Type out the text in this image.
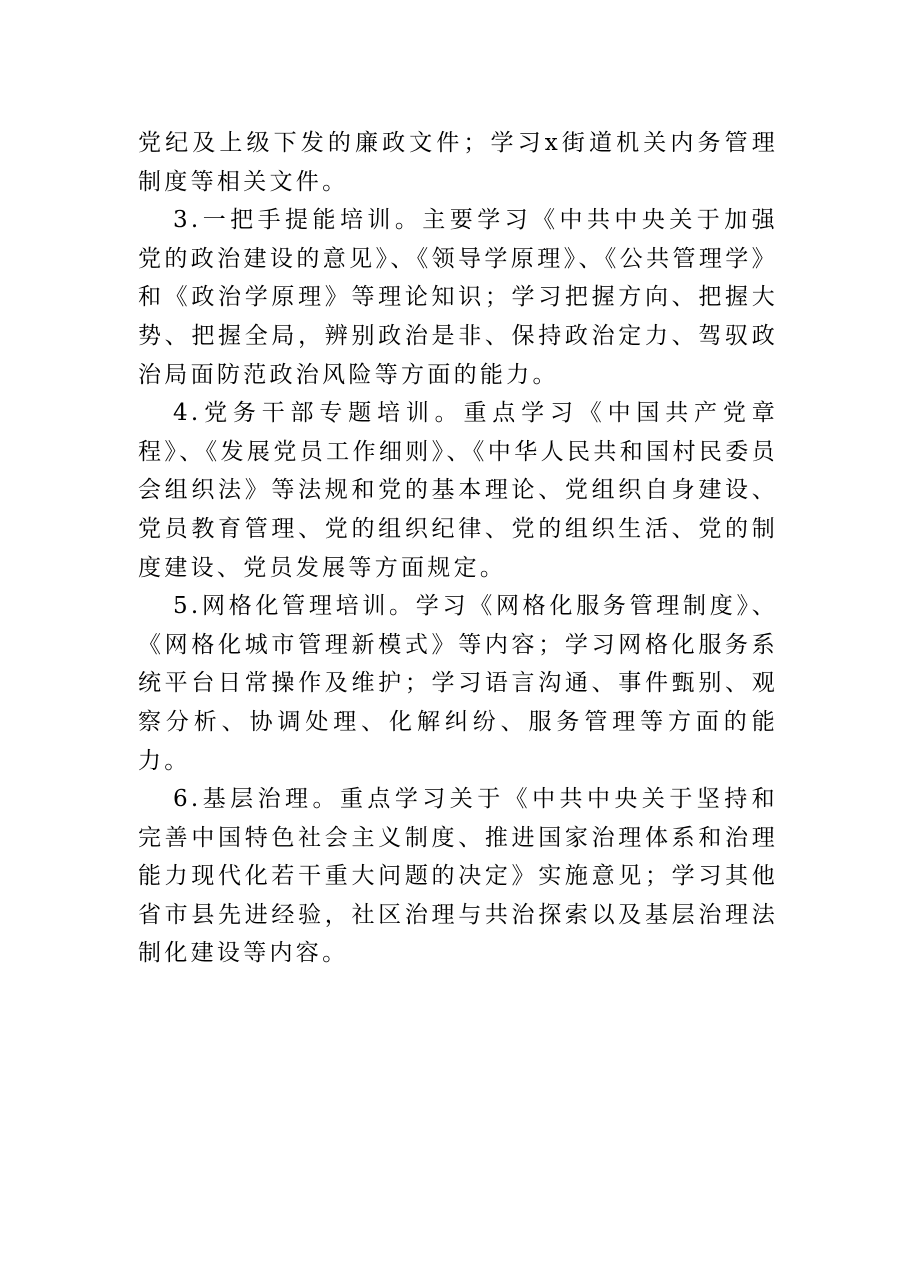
党纪及上级下发的廉政文件；学习x街道机关内务管理制度等相关文件。

3.一把手提能培训。主要学习《中共中央关于加强党的政治建设的意见》、《领导学原理》、《公共管理学》和《政治学原理》等理论知识；学习把握方向、把握大势、把握全局，辨别政治是非、保持政治定力、驾驭政治局面防范政治风险等方面的能力。

4.党务干部专题培训。重点学习《中国共产党章程》、《发展党员工作细则》、《中华人民共和国村民委员会组织法》等法规和党的基本理论、党组织自身建设、党员教育管理、党的组织纪律、党的组织生活、党的制度建设、党员发展等方面规定。

5.网格化管理培训。学习《网格化服务管理制度》、《网格化城市管理新模式》等内容；学习网格化服务系统平台日常操作及维护；学习语言沟通、事件甄别、观察分析、协调处理、化解纠纷、服务管理等方面的能力。

6.基层治理。重点学习关于《中共中央关于坚持和完善中国特色社会主义制度、推进国家治理体系和治理能力现代化若干重大问题的决定》实施意见；学习其他省市县先进经验，社区治理与共治探索以及基层治理法制化建设等内容。
